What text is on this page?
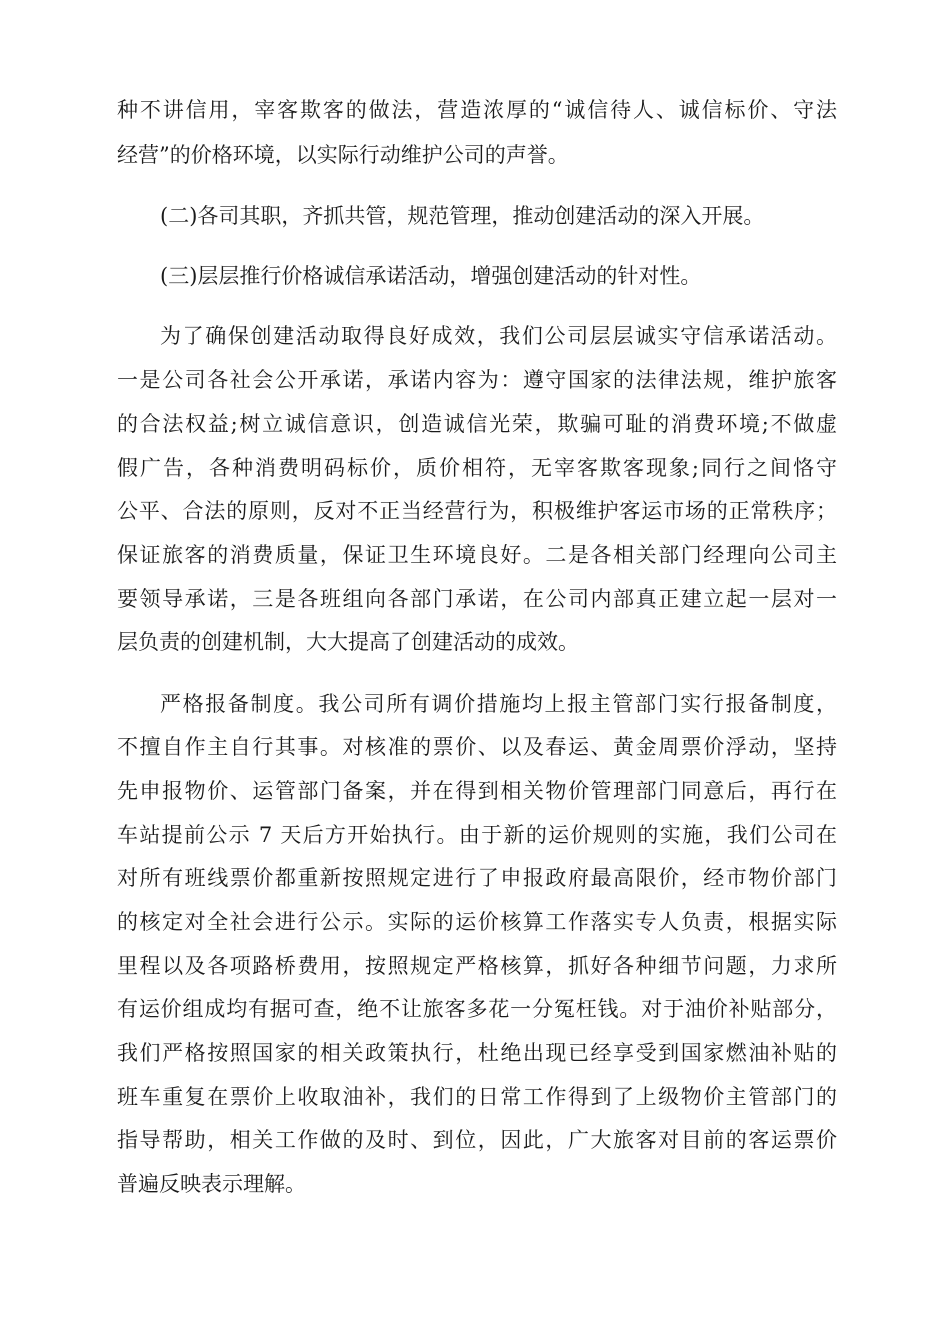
种不讲信用，宰客欺客的做法，营造浓厚的“诚信待人、诚信标价、守法
经营”的价格环境，以实际行动维护公司的声誉。
(二)各司其职，齐抓共管，规范管理，推动创建活动的深入开展。
(三)层层推行价格诚信承诺活动，增强创建活动的针对性。
为了确保创建活动取得良好成效，我们公司层层诚实守信承诺活动。
一是公司各社会公开承诺，承诺内容为：遵守国家的法律法规，维护旅客
的合法权益;树立诚信意识，创造诚信光荣，欺骗可耻的消费环境;不做虚
假广告，各种消费明码标价，质价相符，无宰客欺客现象;同行之间恪守
公平、合法的原则，反对不正当经营行为，积极维护客运市场的正常秩序；
保证旅客的消费质量，保证卫生环境良好。二是各相关部门经理向公司主
要领导承诺，三是各班组向各部门承诺，在公司内部真正建立起一层对一
层负责的创建机制，大大提高了创建活动的成效。
严格报备制度。我公司所有调价措施均上报主管部门实行报备制度，
不擅自作主自行其事。对核准的票价、以及春运、黄金周票价浮动，坚持
先申报物价、运管部门备案，并在得到相关物价管理部门同意后，再行在
车站提前公示 7 天后方开始执行。由于新的运价规则的实施，我们公司在
对所有班线票价都重新按照规定进行了申报政府最高限价，经市物价部门
的核定对全社会进行公示。实际的运价核算工作落实专人负责，根据实际
里程以及各项路桥费用，按照规定严格核算，抓好各种细节问题，力求所
有运价组成均有据可查，绝不让旅客多花一分冤枉钱。对于油价补贴部分，
我们严格按照国家的相关政策执行，杜绝出现已经享受到国家燃油补贴的
班车重复在票价上收取油补，我们的日常工作得到了上级物价主管部门的
指导帮助，相关工作做的及时、到位，因此，广大旅客对目前的客运票价
普遍反映表示理解。
